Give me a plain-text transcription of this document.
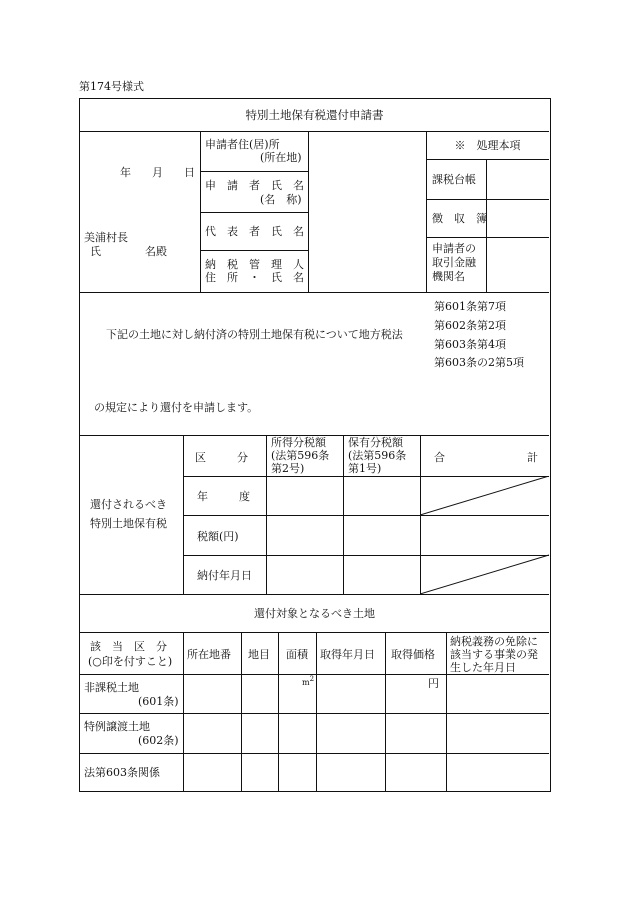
第174号様式
特別土地保有税還付申請書
年　月　日
美浦村長
氏　　　　名殿
申請者住(居)所
(所在地)
申　請　者　氏　名
(名　称)
代　表　者　氏　名
納　税　管　理　人
住　所　・　氏　名
※　処理本項
課税台帳
徴　収　簿
申請者の
取引金融
機関名
第601条第7項
第602条第2項
第603条第4項
第603条の2第5項
下記の土地に対し納付済の特別土地保有税について地方税法
の規定により還付を申請します。
還付されるべき
特別土地保有税
区　　分
所得分税額
(法第596条
第2号)
保有分税額
(法第596条
第1号)
合	計
年　　度
税額(円)
納付年月日
還付対象となるべき土地
該　当　区　分
(○印を付すこと)
所在地番 地目 面積 取得年月日 取得価格
納税義務の免除に
該当する事業の発
生した年月日
m 2	円
非課税土地
(601条)
特例譲渡土地
(602条)
法第603条関係
